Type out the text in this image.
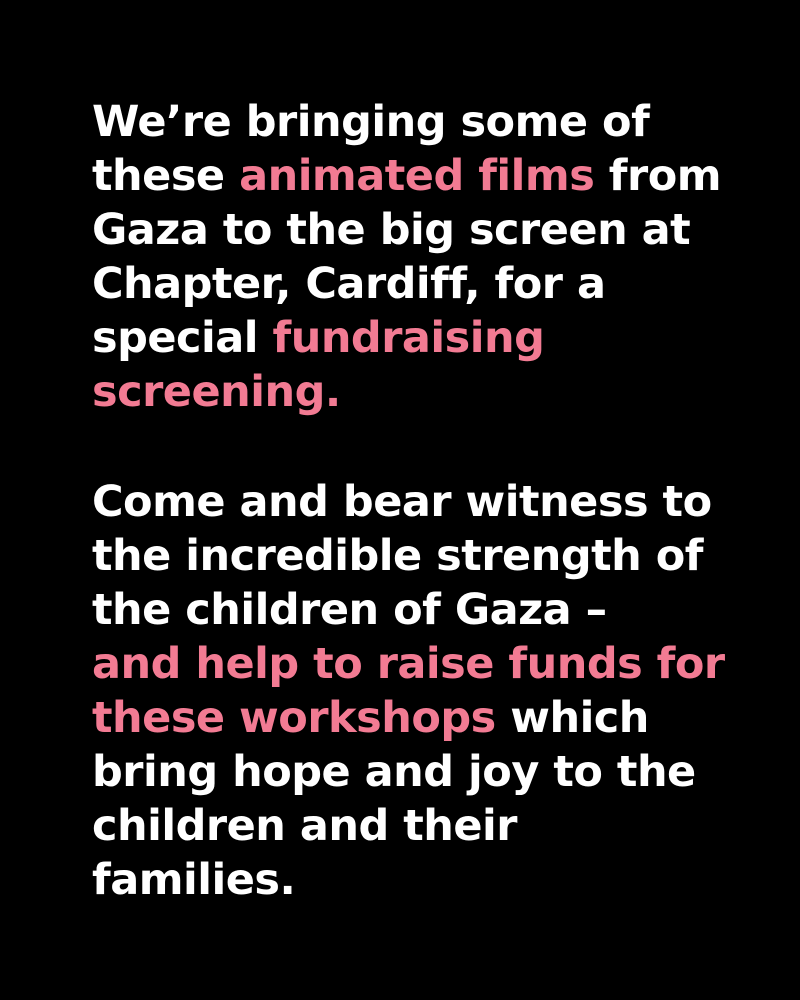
We’re bringing some of
these animated films from
Gaza to the big screen at
Chapter, Cardiff, for a
special fundraising
screening.

Come and bear witness to
the incredible strength of
the children of Gaza –
and help to raise funds for
these workshops which
bring hope and joy to the
children and their
families.
